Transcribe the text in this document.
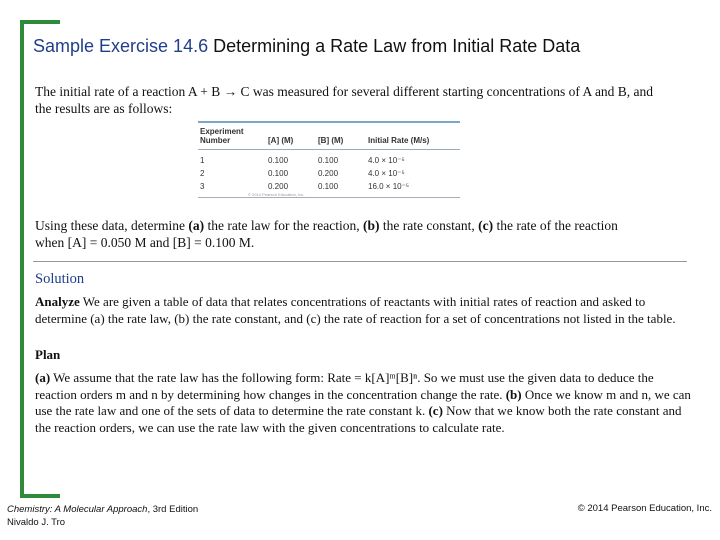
Sample Exercise 14.6 Determining a Rate Law from Initial Rate Data
The initial rate of a reaction A + B → C was measured for several different starting concentrations of A and B, and
the results are as follows:
Experiment
Number	[A] (M)	[B] (M)	Initial Rate (M/s)
1	0.100	0.100	4.0 × 10⁻⁵
2	0.100	0.200	4.0 × 10⁻⁵
3	0.200	0.100	16.0 × 10⁻⁵
© 2014 Pearson Education, Inc.
Using these data, determine (a) the rate law for the reaction, (b) the rate constant, (c) the rate of the reaction
when [A] = 0.050 M and [B] = 0.100 M.
Solution
Analyze We are given a table of data that relates concentrations of reactants with initial rates of reaction and asked to determine (a) the rate law, (b) the rate constant, and (c) the rate of reaction for a set of concentrations not listed in the table.
Plan
(a) We assume that the rate law has the following form: Rate = k[A]ᵐ[B]ⁿ. So we must use the given data to deduce the reaction orders m and n by determining how changes in the concentration change the rate. (b) Once we know m and n, we can use the rate law and one of the sets of data to determine the rate constant k. (c) Now that we know both the rate constant and the reaction orders, we can use the rate law with the given concentrations to calculate rate.
Chemistry: A Molecular Approach, 3rd Edition
Nivaldo J. Tro
© 2014 Pearson Education, Inc.
